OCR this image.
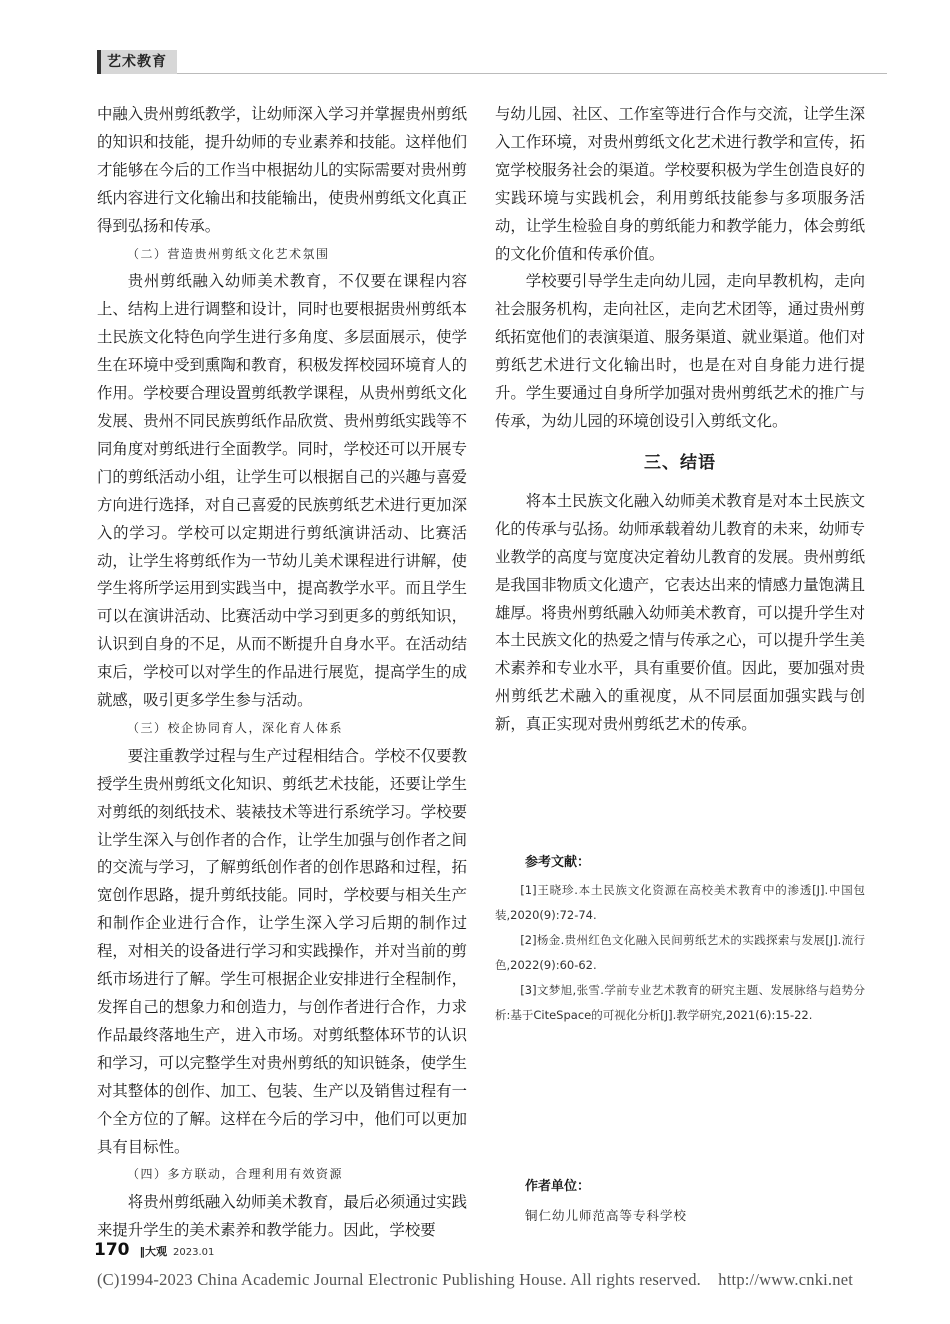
艺术教育

中融入贵州剪纸教学，让幼师深入学习并掌握贵州剪纸的知识和技能，提升幼师的专业素养和技能。这样他们才能够在今后的工作当中根据幼儿的实际需要对贵州剪纸内容进行文化输出和技能输出，使贵州剪纸文化真正得到弘扬和传承。

（二）营造贵州剪纸文化艺术氛围

贵州剪纸融入幼师美术教育，不仅要在课程内容上、结构上进行调整和设计，同时也要根据贵州剪纸本土民族文化特色向学生进行多角度、多层面展示，使学生在环境中受到熏陶和教育，积极发挥校园环境育人的作用。学校要合理设置剪纸教学课程，从贵州剪纸文化发展、贵州不同民族剪纸作品欣赏、贵州剪纸实践等不同角度对剪纸进行全面教学。同时，学校还可以开展专门的剪纸活动小组，让学生可以根据自己的兴趣与喜爱方向进行选择，对自己喜爱的民族剪纸艺术进行更加深入的学习。学校可以定期进行剪纸演讲活动、比赛活动，让学生将剪纸作为一节幼儿美术课程进行讲解，使学生将所学运用到实践当中，提高教学水平。而且学生可以在演讲活动、比赛活动中学习到更多的剪纸知识，认识到自身的不足，从而不断提升自身水平。在活动结束后，学校可以对学生的作品进行展览，提高学生的成就感，吸引更多学生参与活动。

（三）校企协同育人，深化育人体系

要注重教学过程与生产过程相结合。学校不仅要教授学生贵州剪纸文化知识、剪纸艺术技能，还要让学生对剪纸的刻纸技术、装裱技术等进行系统学习。学校要让学生深入与创作者的合作，让学生加强与创作者之间的交流与学习，了解剪纸创作者的创作思路和过程，拓宽创作思路，提升剪纸技能。同时，学校要与相关生产和制作企业进行合作，让学生深入学习后期的制作过程，对相关的设备进行学习和实践操作，并对当前的剪纸市场进行了解。学生可根据企业安排进行全程制作，发挥自己的想象力和创造力，与创作者进行合作，力求作品最终落地生产，进入市场。对剪纸整体环节的认识和学习，可以完整学生对贵州剪纸的知识链条，使学生对其整体的创作、加工、包装、生产以及销售过程有一个全方位的了解。这样在今后的学习中，他们可以更加具有目标性。

（四）多方联动，合理利用有效资源

将贵州剪纸融入幼师美术教育，最后必须通过实践来提升学生的美术素养和教学能力。因此，学校要

与幼儿园、社区、工作室等进行合作与交流，让学生深入工作环境，对贵州剪纸文化艺术进行教学和宣传，拓宽学校服务社会的渠道。学校要积极为学生创造良好的实践环境与实践机会，利用剪纸技能参与多项服务活动，让学生检验自身的剪纸能力和教学能力，体会剪纸的文化价值和传承价值。

学校要引导学生走向幼儿园，走向早教机构，走向社会服务机构，走向社区，走向艺术团等，通过贵州剪纸拓宽他们的表演渠道、服务渠道、就业渠道。他们对剪纸艺术进行文化输出时，也是在对自身能力进行提升。学生要通过自身所学加强对贵州剪纸艺术的推广与传承，为幼儿园的环境创设引入剪纸文化。

三、结语

将本土民族文化融入幼师美术教育是对本土民族文化的传承与弘扬。幼师承载着幼儿教育的未来，幼师专业教学的高度与宽度决定着幼儿教育的发展。贵州剪纸是我国非物质文化遗产，它表达出来的情感力量饱满且雄厚。将贵州剪纸融入幼师美术教育，可以提升学生对本土民族文化的热爱之情与传承之心，可以提升学生美术素养和专业水平，具有重要价值。因此，要加强对贵州剪纸艺术融入的重视度，从不同层面加强实践与创新，真正实现对贵州剪纸艺术的传承。

参考文献：

[1]王晓珍.本土民族文化资源在高校美术教育中的渗透[J].中国包装,2020(9):72-74.

[2]杨金.贵州红色文化融入民间剪纸艺术的实践探索与发展[J].流行色,2022(9):60-62.

[3]文梦旭,张雪.学前专业艺术教育的研究主题、发展脉络与趋势分析:基于CiteSpace的可视化分析[J].教学研究,2021(6):15-22.

作者单位：
铜仁幼儿师范高等专科学校
170 ‖大观 2023.01
(C)1994-2023 China Academic Journal Electronic Publishing House. All rights reserved.    http://www.cnki.net
